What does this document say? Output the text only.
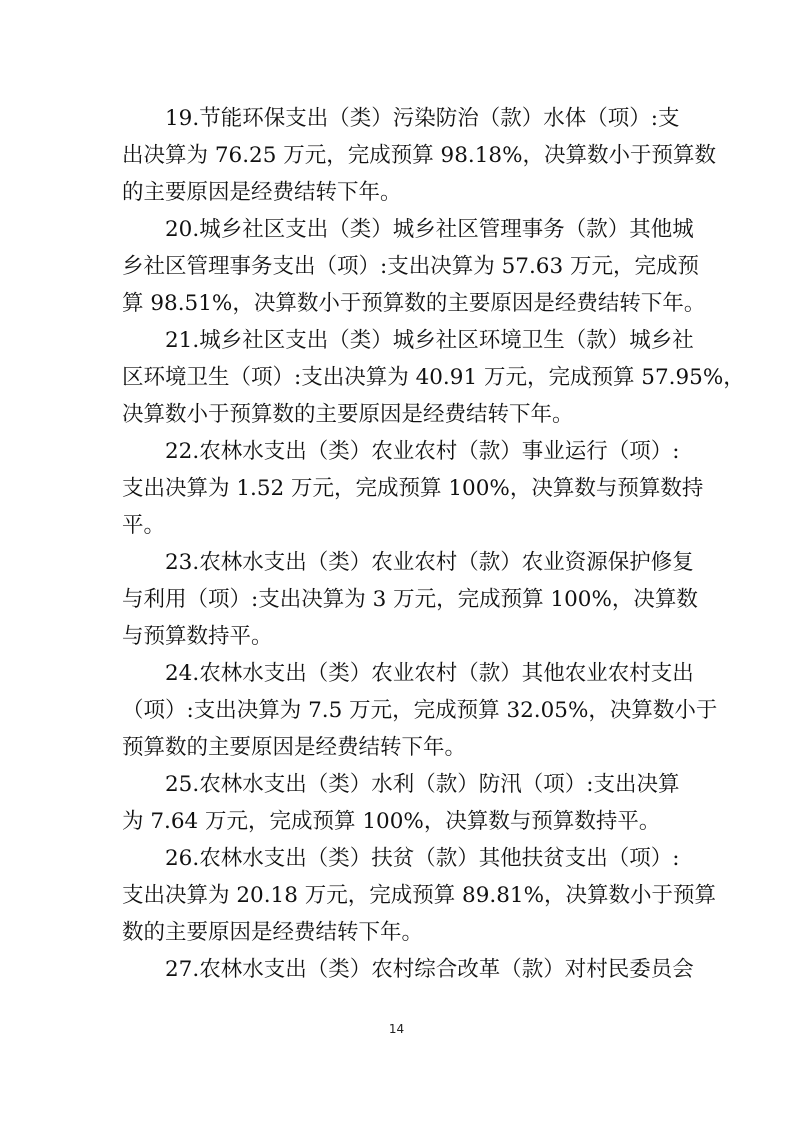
19.节能环保支出（类）污染防治（款）水体（项）:支
出决算为 76.25 万元，完成预算 98.18%，决算数小于预算数
的主要原因是经费结转下年。
20.城乡社区支出（类）城乡社区管理事务（款）其他城
乡社区管理事务支出（项）:支出决算为 57.63 万元，完成预
算 98.51%，决算数小于预算数的主要原因是经费结转下年。
21.城乡社区支出（类）城乡社区环境卫生（款）城乡社
区环境卫生（项）:支出决算为 40.91 万元，完成预算 57.95%，
决算数小于预算数的主要原因是经费结转下年。
22.农林水支出（类）农业农村（款）事业运行（项）:
支出决算为 1.52 万元，完成预算 100%，决算数与预算数持
平。
23.农林水支出（类）农业农村（款）农业资源保护修复
与利用（项）:支出决算为 3 万元，完成预算 100%，决算数
与预算数持平。
24.农林水支出（类）农业农村（款）其他农业农村支出
（项）:支出决算为 7.5 万元，完成预算 32.05%，决算数小于
预算数的主要原因是经费结转下年。
25.农林水支出（类）水利（款）防汛（项）:支出决算
为 7.64 万元，完成预算 100%，决算数与预算数持平。
26.农林水支出（类）扶贫（款）其他扶贫支出（项）:
支出决算为 20.18 万元，完成预算 89.81%，决算数小于预算
数的主要原因是经费结转下年。
27.农林水支出（类）农村综合改革（款）对村民委员会
14
